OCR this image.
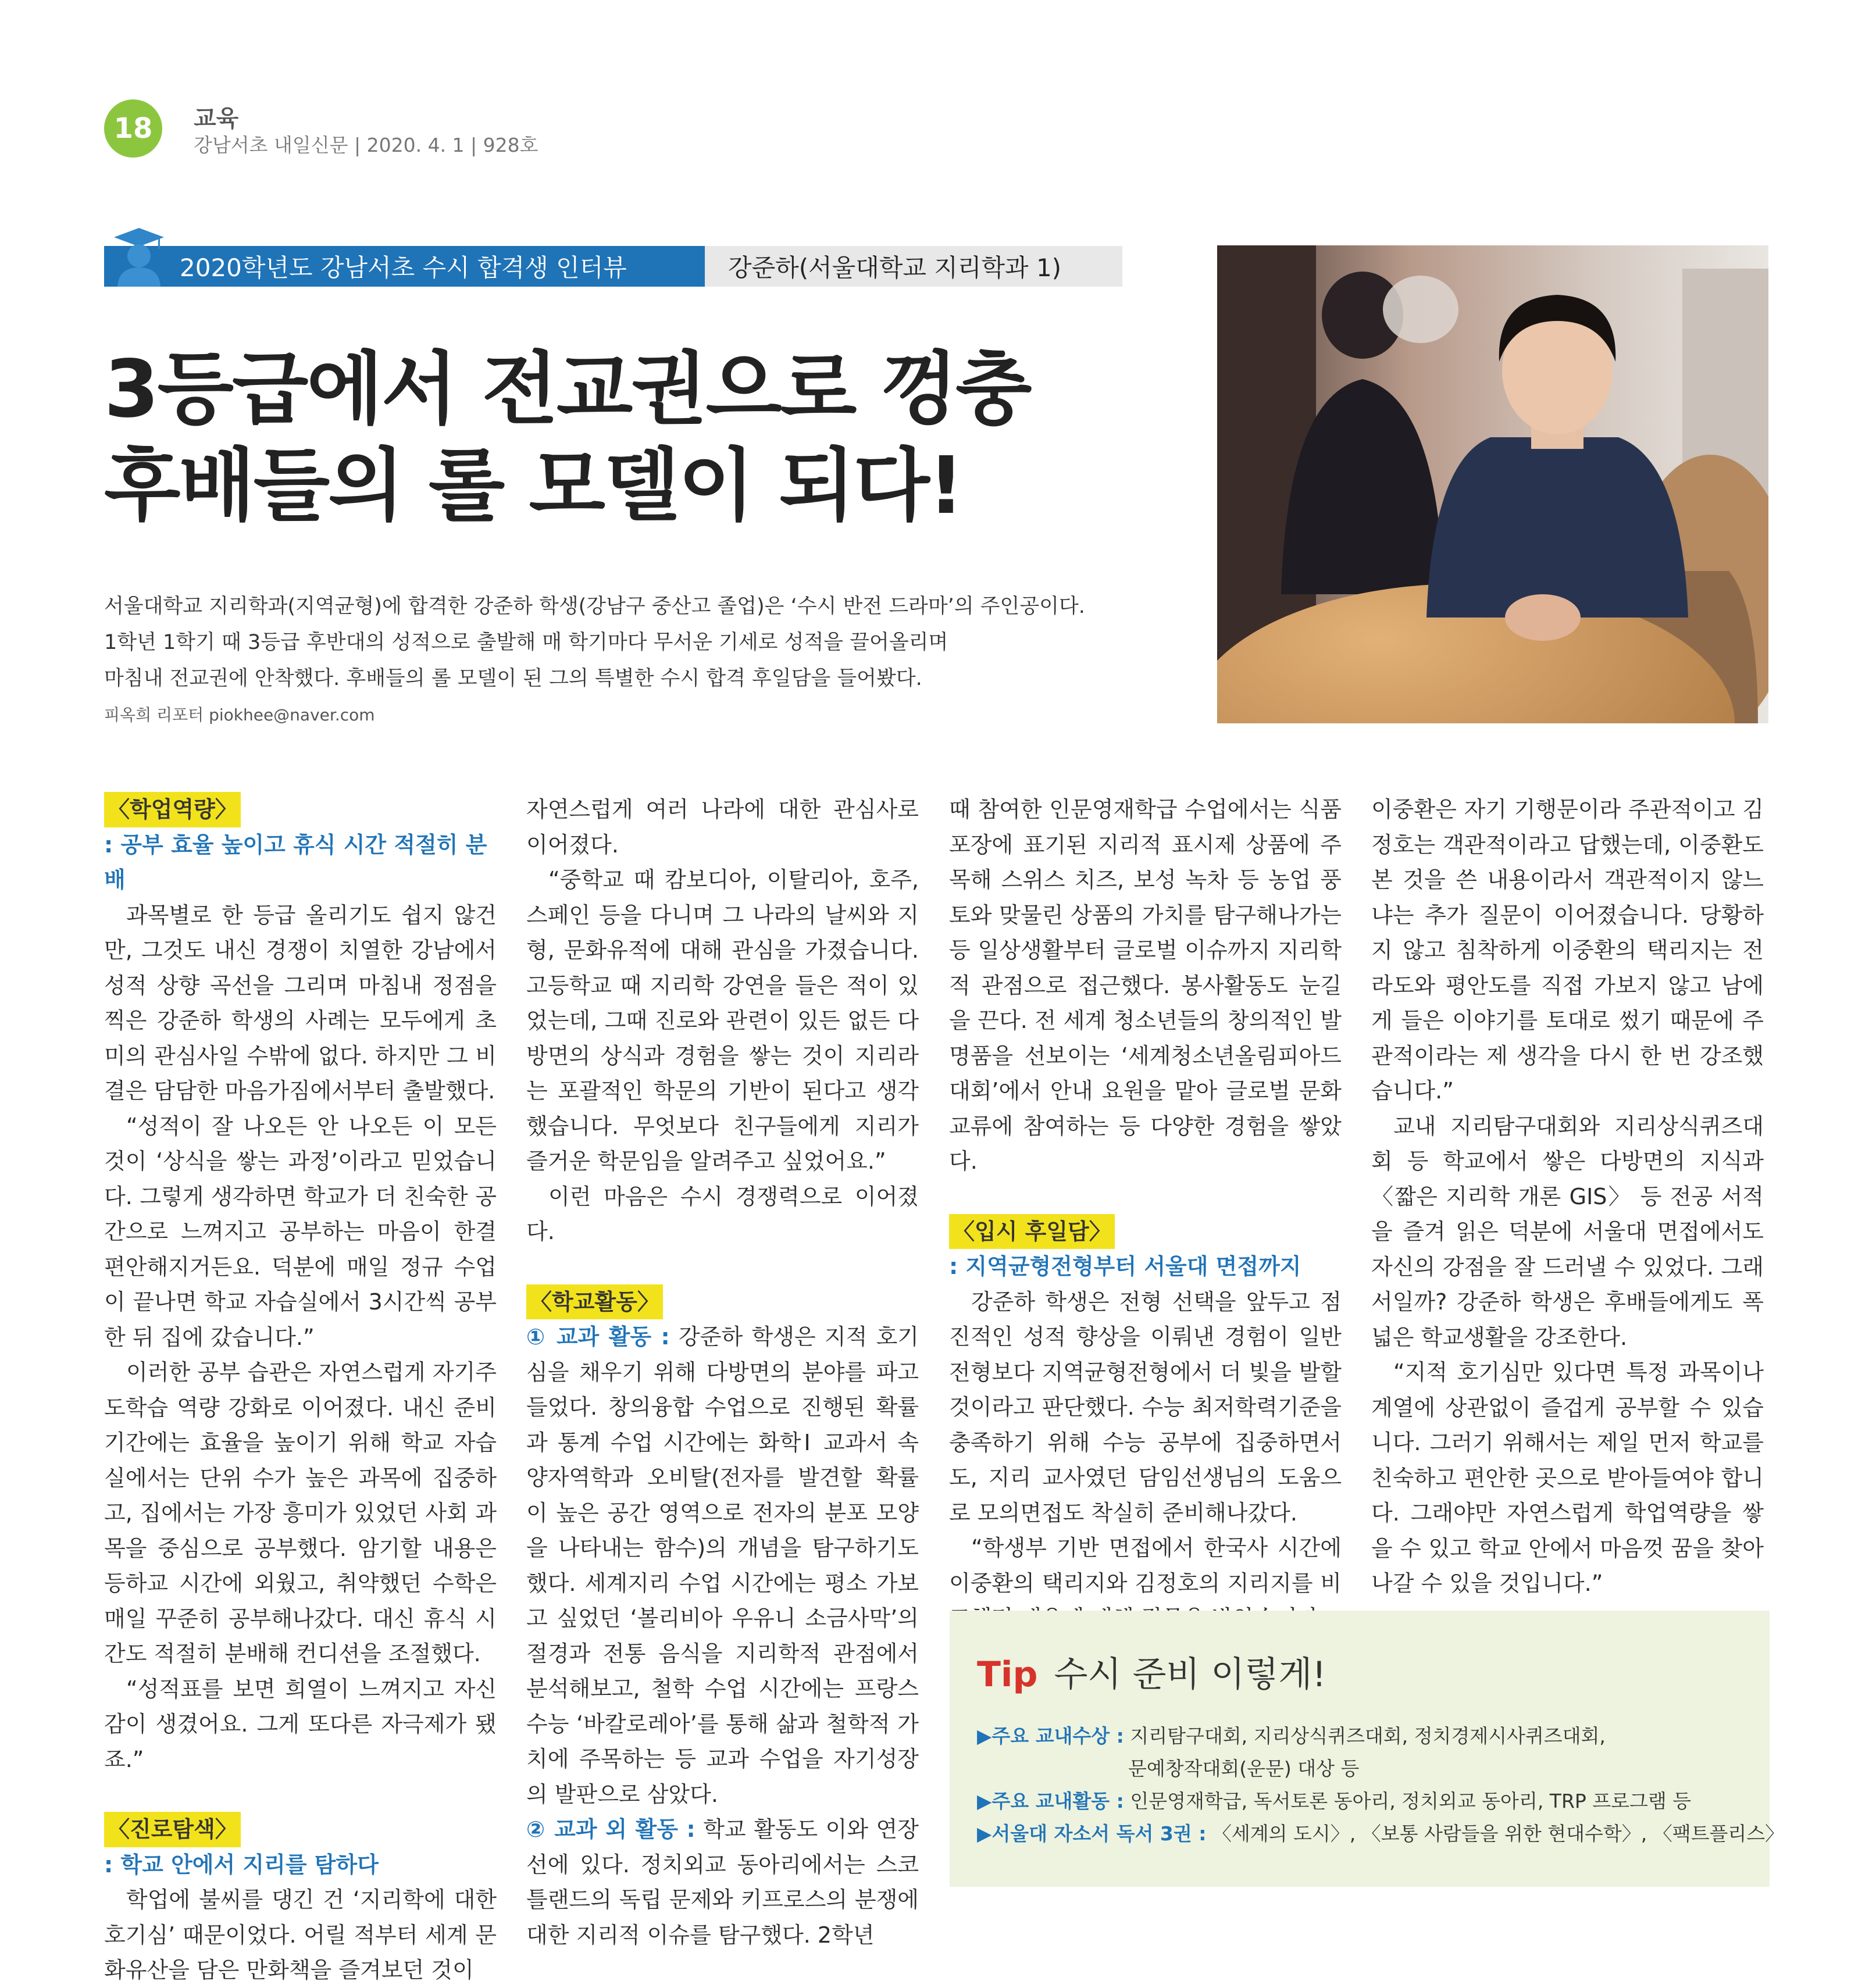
18	교육
강남서초 내일신문 | 2020. 4. 1 | 928호
2020학년도 강남서초 수시 합격생 인터뷰	강준하(서울대학교 지리학과 1)
3등급에서 전교권으로 껑충
후배들의 롤 모델이 되다!
서울대학교 지리학과(지역균형)에 합격한 강준하 학생(강남구 중산고 졸업)은 ‘수시 반전 드라마’의 주인공이다.
1학년 1학기 때 3등급 후반대의 성적으로 출발해 매 학기마다 무서운 기세로 성적을 끌어올리며
마침내 전교권에 안착했다. 후배들의 롤 모델이 된 그의 특별한 수시 합격 후일담을 들어봤다.
피옥희 리포터 piokhee@naver.com
〈학업역량〉
: 공부 효율 높이고 휴식 시간 적절히 분배

과목별로 한 등급 올리기도 쉽지 않건만, 그것도 내신 경쟁이 치열한 강남에서 성적 상향 곡선을 그리며 마침내 정점을 찍은 강준하 학생의 사례는 모두에게 초미의 관심사일 수밖에 없다. 하지만 그 비결은 담담한 마음가짐에서부터 출발했다.

“성적이 잘 나오든 안 나오든 이 모든 것이 ‘상식을 쌓는 과정’이라고 믿었습니다. 그렇게 생각하면 학교가 더 친숙한 공간으로 느껴지고 공부하는 마음이 한결 편안해지거든요. 덕분에 매일 정규 수업이 끝나면 학교 자습실에서 3시간씩 공부한 뒤 집에 갔습니다.”

이러한 공부 습관은 자연스럽게 자기주도학습 역량 강화로 이어졌다. 내신 준비 기간에는 효율을 높이기 위해 학교 자습실에서는 단위 수가 높은 과목에 집중하고, 집에서는 가장 흥미가 있었던 사회 과목을 중심으로 공부했다. 암기할 내용은 등하교 시간에 외웠고, 취약했던 수학은 매일 꾸준히 공부해나갔다. 대신 휴식 시간도 적절히 분배해 컨디션을 조절했다.

“성적표를 보면 희열이 느껴지고 자신감이 생겼어요. 그게 또다른 자극제가 됐죠.”

〈진로탐색〉
: 학교 안에서 지리를 탐하다

학업에 불씨를 댕긴 건 ‘지리학에 대한 호기심’ 때문이었다. 어릴 적부터 세계 문화유산을 담은 만화책을 즐겨보던 것이

자연스럽게 여러 나라에 대한 관심사로 이어졌다.

“중학교 때 캄보디아, 이탈리아, 호주, 스페인 등을 다니며 그 나라의 날씨와 지형, 문화유적에 대해 관심을 가졌습니다. 고등학교 때 지리학 강연을 들은 적이 있었는데, 그때 진로와 관련이 있든 없든 다방면의 상식과 경험을 쌓는 것이 지리라는 포괄적인 학문의 기반이 된다고 생각했습니다. 무엇보다 친구들에게 지리가 즐거운 학문임을 알려주고 싶었어요.”

이런 마음은 수시 경쟁력으로 이어졌다.

〈학교활동〉

① 교과 활동 : 강준하 학생은 지적 호기심을 채우기 위해 다방면의 분야를 파고들었다. 창의융합 수업으로 진행된 확률과 통계 수업 시간에는 화학Ⅰ 교과서 속 양자역학과 오비탈(전자를 발견할 확률이 높은 공간 영역으로 전자의 분포 모양을 나타내는 함수)의 개념을 탐구하기도 했다. 세계지리 수업 시간에는 평소 가보고 싶었던 ‘볼리비아 우유니 소금사막’의 절경과 전통 음식을 지리학적 관점에서 분석해보고, 철학 수업 시간에는 프랑스 수능 ‘바칼로레아’를 통해 삶과 철학적 가치에 주목하는 등 교과 수업을 자기성장의 발판으로 삼았다.

② 교과 외 활동 : 학교 활동도 이와 연장선에 있다. 정치외교 동아리에서는 스코틀랜드의 독립 문제와 키프로스의 분쟁에 대한 지리적 이슈를 탐구했다. 2학년

때 참여한 인문영재학급 수업에서는 식품 포장에 표기된 지리적 표시제 상품에 주목해 스위스 치즈, 보성 녹차 등 농업 풍토와 맞물린 상품의 가치를 탐구해나가는 등 일상생활부터 글로벌 이슈까지 지리학적 관점으로 접근했다. 봉사활동도 눈길을 끈다. 전 세계 청소년들의 창의적인 발명품을 선보이는 ‘세계청소년올림피아드 대회’에서 안내 요원을 맡아 글로벌 문화 교류에 참여하는 등 다양한 경험을 쌓았다.

〈입시 후일담〉
: 지역균형전형부터 서울대 면접까지

강준하 학생은 전형 선택을 앞두고 점진적인 성적 향상을 이뤄낸 경험이 일반전형보다 지역균형전형에서 더 빛을 발할 것이라고 판단했다. 수능 최저학력기준을 충족하기 위해 수능 공부에 집중하면서도, 지리 교사였던 담임선생님의 도움으로 모의면접도 착실히 준비해나갔다.

“학생부 기반 면접에서 한국사 시간에 이중환의 택리지와 김정호의 지리지를 비

이중환은 자기 기행문이라 주관적이고 김정호는 객관적이라고 답했는데, 이중환도 본 것을 쓴 내용이라서 객관적이지 않느냐는 추가 질문이 이어졌습니다. 당황하지 않고 침착하게 이중환의 택리지는 전라도와 평안도를 직접 가보지 않고 남에게 들은 이야기를 토대로 썼기 때문에 주관적이라는 제 생각을 다시 한 번 강조했습니다.”

교내 지리탐구대회와 지리상식퀴즈대회 등 학교에서 쌓은 다방면의 지식과 〈짧은 지리학 개론 GIS〉 등 전공 서적을 즐겨 읽은 덕분에 서울대 면접에서도 자신의 강점을 잘 드러낼 수 있었다. 그래서일까? 강준하 학생은 후배들에게도 폭넓은 학교생활을 강조한다.

“지적 호기심만 있다면 특정 과목이나 계열에 상관없이 즐겁게 공부할 수 있습니다. 그러기 위해서는 제일 먼저 학교를 친숙하고 편안한 곳으로 받아들여야 합니다. 그래야만 자연스럽게 학업역량을 쌓을 수 있고 학교 안에서 마음껏 꿈을 찾아 나갈 수 있을 것입니다.”

Tip 수시 준비 이렇게!
▶주요 교내수상 : 지리탐구대회, 지리상식퀴즈대회, 정치경제시사퀴즈대회,
문예창작대회(운문) 대상 등
▶주요 교내활동 : 인문영재학급, 독서토론 동아리, 정치외교 동아리, TRP 프로그램 등
▶서울대 자소서 독서 3권 : 〈세계의 도시〉, 〈보통 사람들을 위한 현대수학〉, 〈팩트플리스〉
